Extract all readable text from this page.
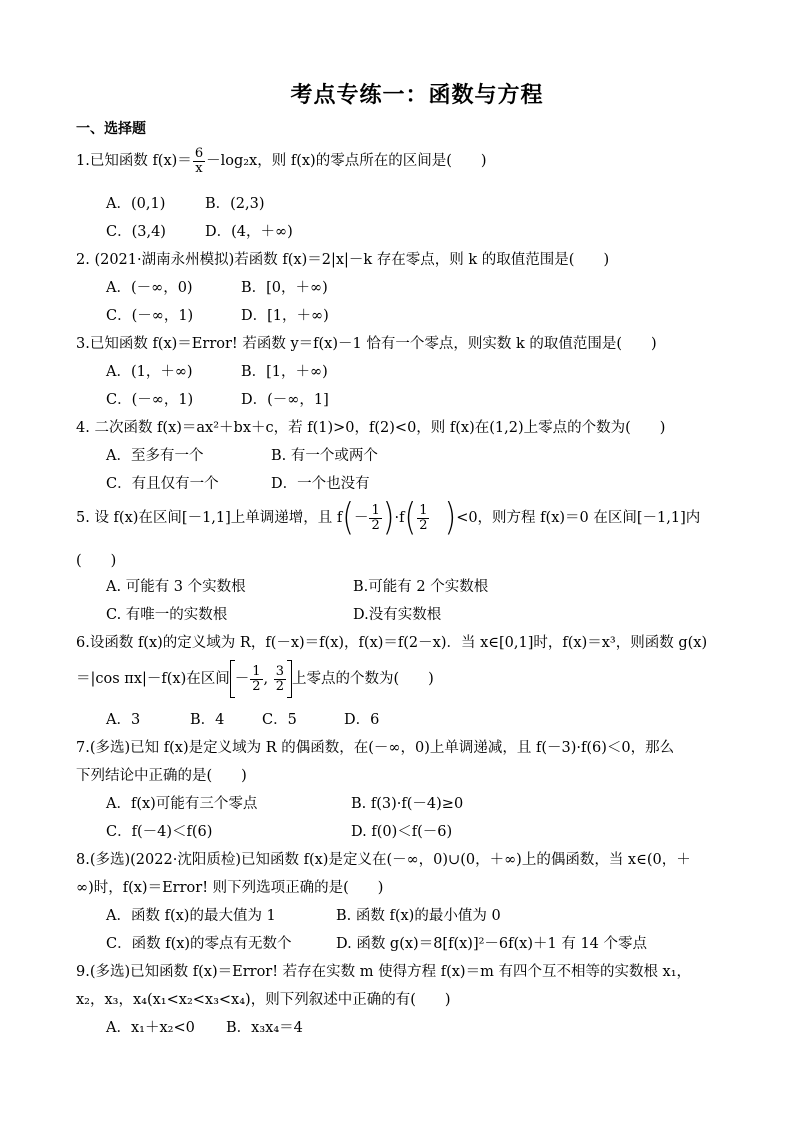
考点专练一：函数与方程
一、选择题
1.已知函数 $f(x)= \frac{6}{x} -\log_2x$，则 f(x)的零点所在的区间是(　　)
A．(0,1)	B．(2,3)
C．(3,4)	D．(4，＋∞)
2. (2021·湖南永州模拟)若函数 f(x)＝2|x|－k 存在零点，则 k 的取值范围是(　　)
A．(－∞，0)	B．[0，＋∞)
C．(－∞，1)	D．[1，＋∞)
3.已知函数 f(x)＝Error! 若函数 y＝f(x)－1 恰有一个零点，则实数 k 的取值范围是(　　)
A．(1，＋∞)	B．[1，＋∞)
C．(－∞，1)	D．(－∞，1]
4. 二次函数 f(x)＝ax²＋bx＋c，若 f(1)>0，f(2)<0，则 f(x)在(1,2)上零点的个数为(　　)
A．至多有一个	B. 有一个或两个
C．有且仅有一个	D．一个也没有
5. 设 f(x)在区间[－1,1]上单调递增，且 $f(- \frac{1}{2} )\cdot f( \frac{1}{2} )<0$，则方程 f(x)＝0 在区间[－1,1]内
(　　)
A. 可能有 3 个实数根	B.可能有 2 个实数根
C. 有唯一的实数根	D.没有实数根
6.设函数 f(x)的定义域为 R，f(－x)＝f(x)，f(x)＝f(2－x)．当 x∈[0,1]时，f(x)＝x³，则函数 g(x)
＝|cos πx|－f(x)在区间 － $\frac{1}{2}$ , $\frac{3}{2}$ 上零点的个数为(　　)
A．3	B．4	C．5	D．6
7.(多选)已知 f(x)是定义域为 R 的偶函数，在(－∞，0)上单调递减，且 f(－3)·f(6)＜0，那么
下列结论中正确的是(　　)
A．f(x)可能有三个零点	B. f(3)·f(－4)≥0
C．f(－4)＜f(6)	D. f(0)＜f(－6)
8.(多选)(2022·沈阳质检)已知函数 f(x)是定义在(－∞，0)∪(0，＋∞)上的偶函数，当 x∈(0，＋
∞)时，f(x)＝Error! 则下列选项正确的是(　　)
A．函数 f(x)的最大值为 1	B. 函数 f(x)的最小值为 0
C．函数 f(x)的零点有无数个	D. 函数 g(x)＝8[f(x)]²－6f(x)＋1 有 14 个零点
9.(多选)已知函数 f(x)＝Error! 若存在实数 m 使得方程 f(x)＝m 有四个互不相等的实数根 x₁，
x₂，x₃，x₄(x₁<x₂<x₃<x₄)，则下列叙述中正确的有(　　)
A．x₁＋x₂<0 B．x₃x₄＝4
